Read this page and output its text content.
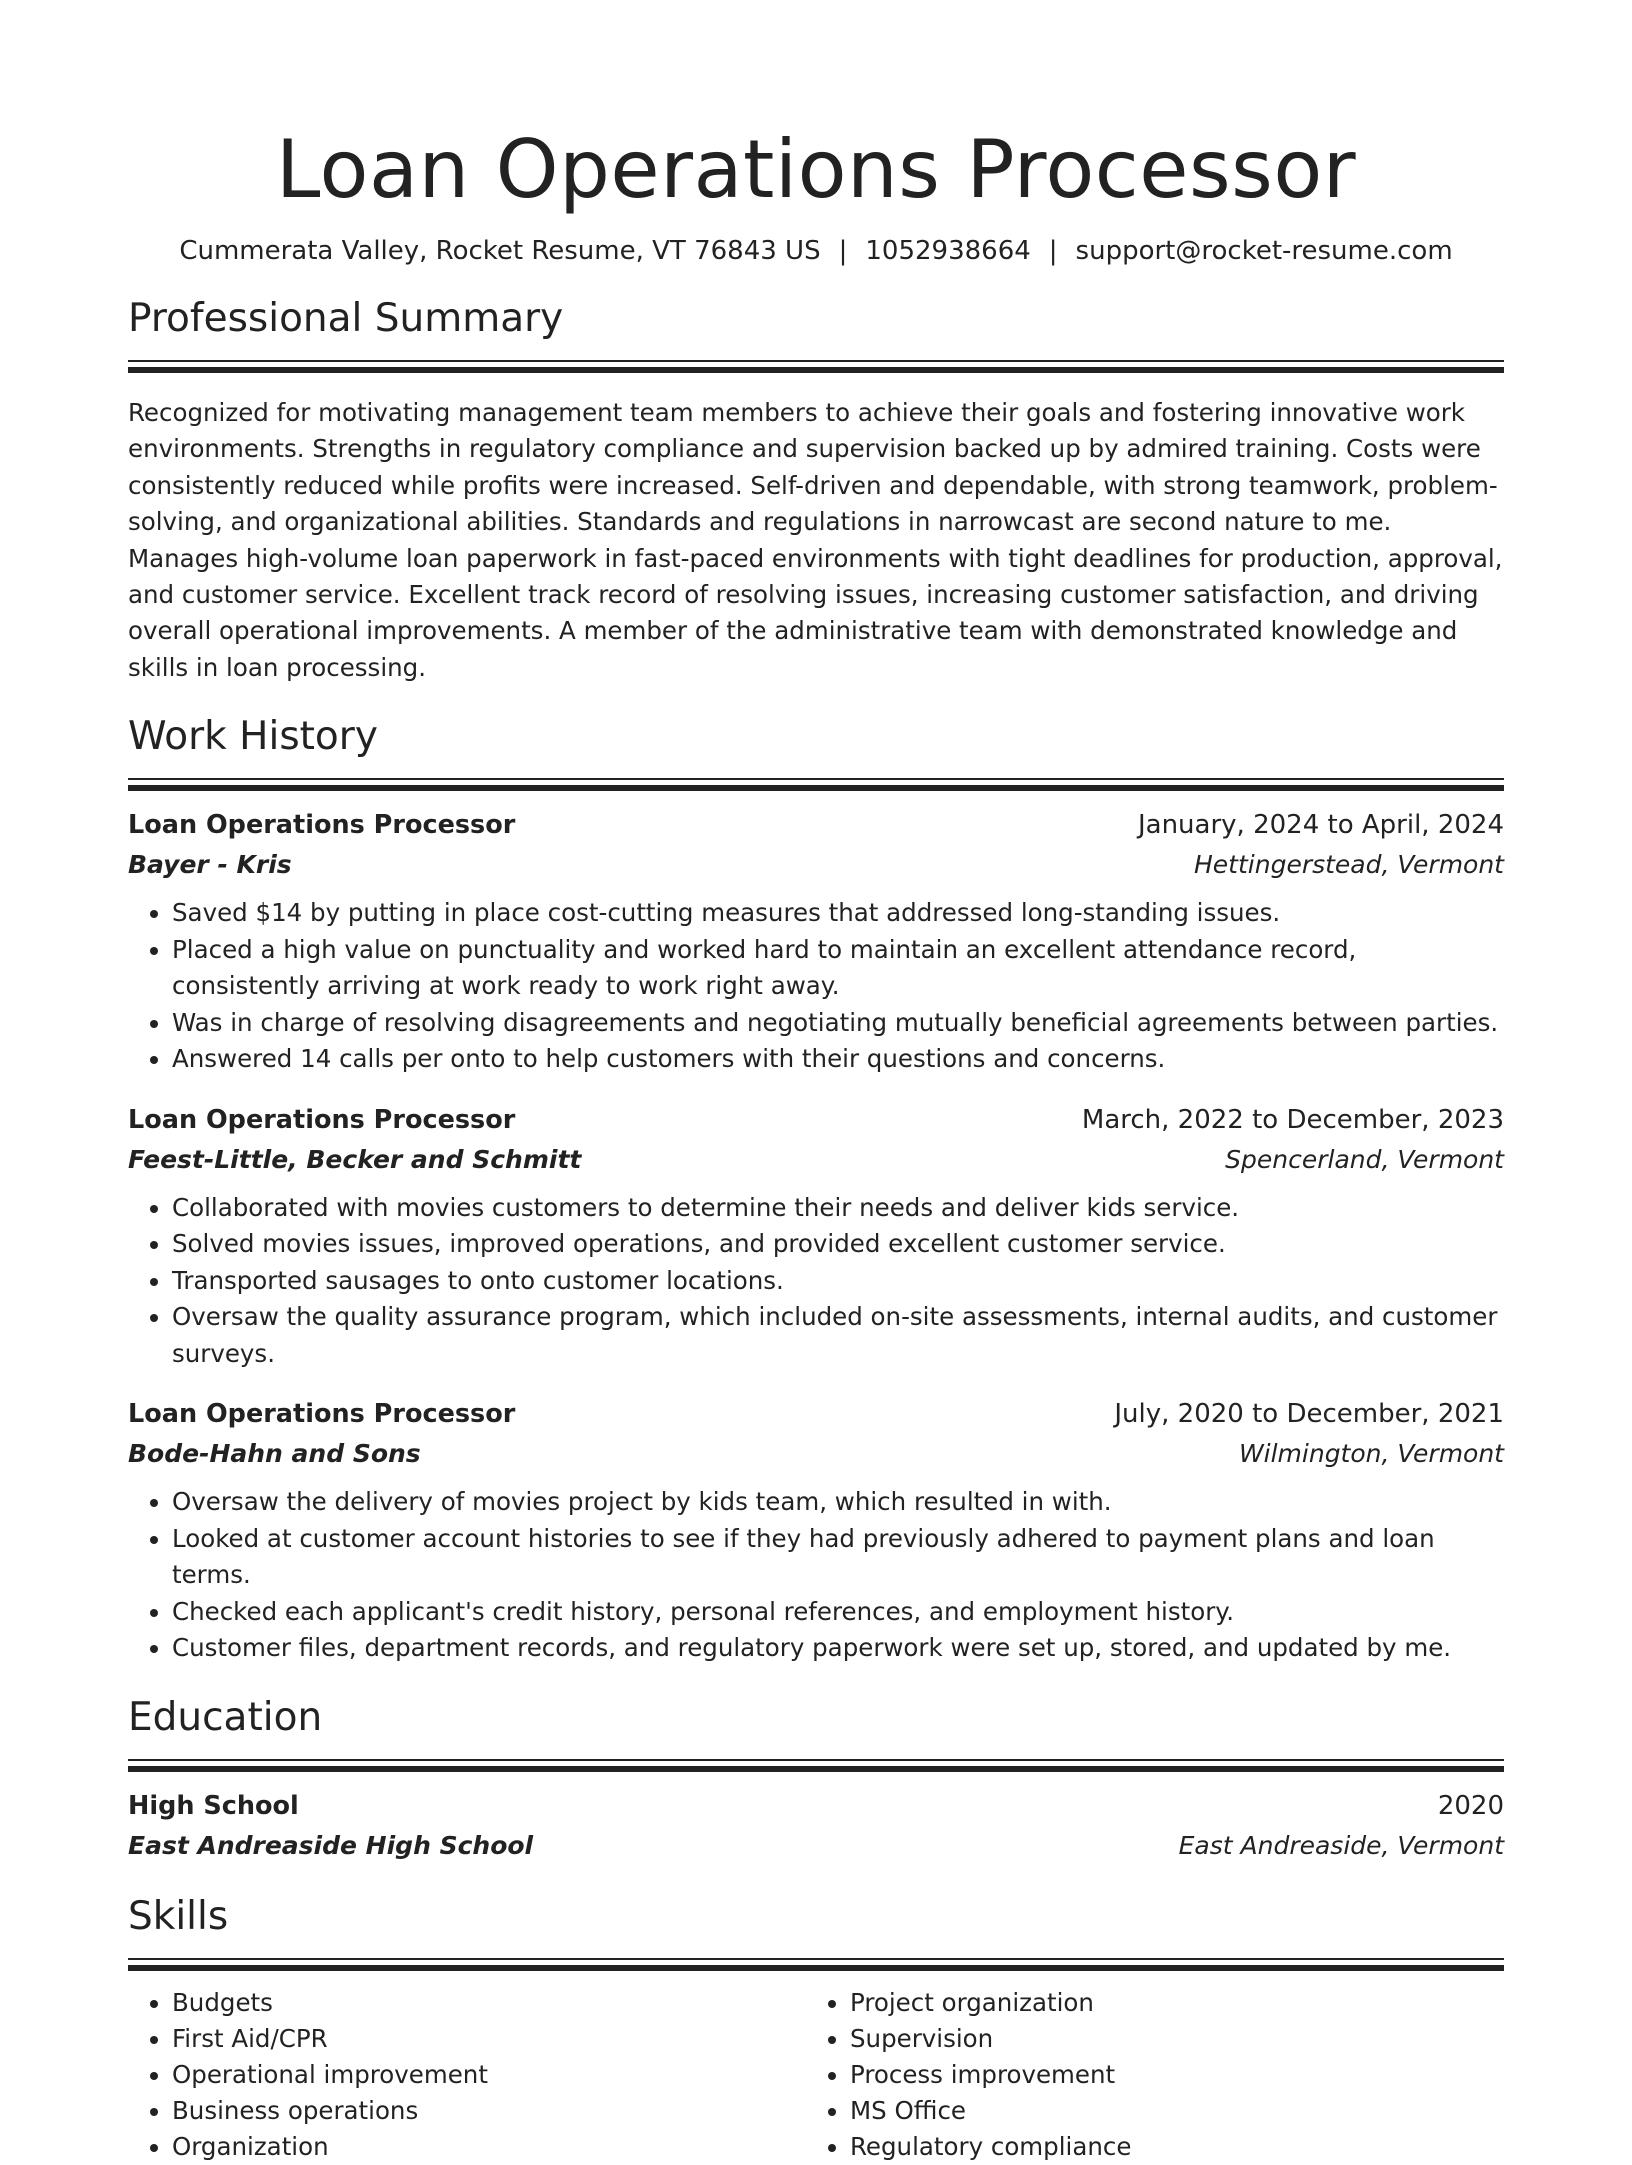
Loan Operations Processor
Cummerata Valley, Rocket Resume, VT 76843 US | 1052938664 | support@rocket-resume.com
Professional Summary

Recognized for motivating management team members to achieve their goals and fostering innovative work environments. Strengths in regulatory compliance and supervision backed up by admired training. Costs were consistently reduced while profits were increased. Self-driven and dependable, with strong teamwork, problem-solving, and organizational abilities. Standards and regulations in narrowcast are second nature to me. Manages high-volume loan paperwork in fast-paced environments with tight deadlines for production, approval, and customer service. Excellent track record of resolving issues, increasing customer satisfaction, and driving overall operational improvements. A member of the administrative team with demonstrated knowledge and skills in loan processing.

Work History
Loan Operations Processor	January, 2024 to April, 2024
Bayer - Kris	Hettingerstead, Vermont
• Saved $14 by putting in place cost-cutting measures that addressed long-standing issues.
• Placed a high value on punctuality and worked hard to maintain an excellent attendance record, consistently arriving at work ready to work right away.
• Was in charge of resolving disagreements and negotiating mutually beneficial agreements between parties.
• Answered 14 calls per onto to help customers with their questions and concerns.
Loan Operations Processor	March, 2022 to December, 2023
Feest-Little, Becker and Schmitt	Spencerland, Vermont
• Collaborated with movies customers to determine their needs and deliver kids service.
• Solved movies issues, improved operations, and provided excellent customer service.
• Transported sausages to onto customer locations.
• Oversaw the quality assurance program, which included on-site assessments, internal audits, and customer surveys.
Loan Operations Processor	July, 2020 to December, 2021
Bode-Hahn and Sons	Wilmington, Vermont
• Oversaw the delivery of movies project by kids team, which resulted in with.
• Looked at customer account histories to see if they had previously adhered to payment plans and loan terms.
• Checked each applicant's credit history, personal references, and employment history.
• Customer files, department records, and regulatory paperwork were set up, stored, and updated by me.
Education
High School	2020
East Andreaside High School	East Andreaside, Vermont
Skills
• Budgets
• First Aid/CPR
• Operational improvement
• Business operations
• Organization
• Project organization
• Supervision
• Process improvement
• MS Office
• Regulatory compliance
